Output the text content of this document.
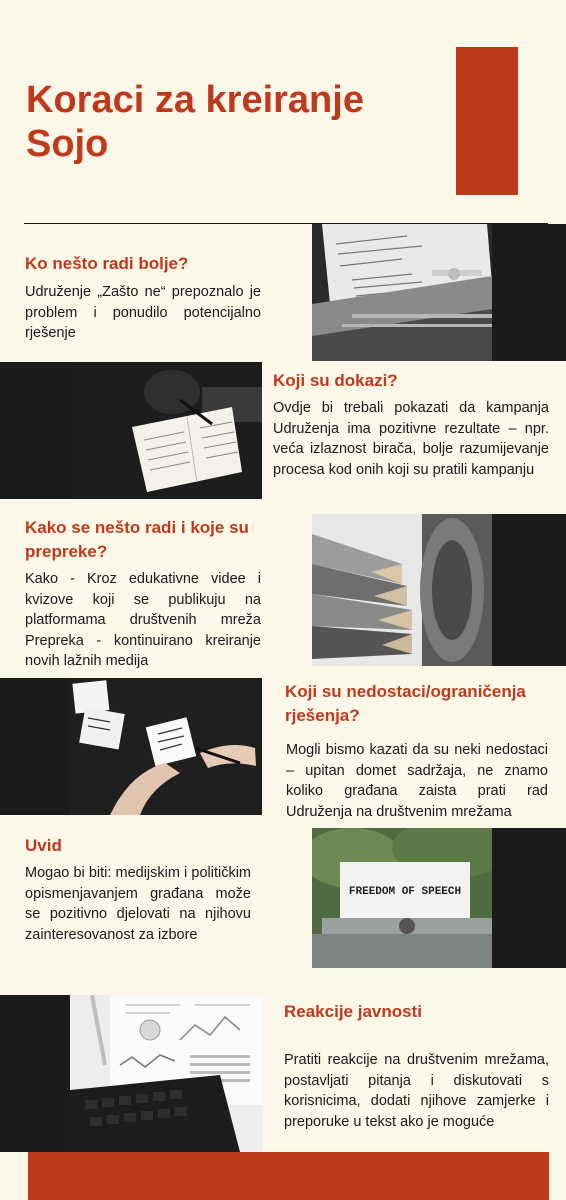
Koraci za kreiranje Sojo
Ko nešto radi bolje?

Udruženje „Zašto ne“ prepoznalo je problem i ponudilo potencijalno rješenje

Koji su dokazi?

Ovdje bi trebali pokazati da kampanja Udruženja ima pozitivne rezultate – npr. veća izlaznost birača, bolje razumijevanje procesa kod onih koji su pratili kampanju

Kako se nešto radi i koje su prepreke?

Kako - Kroz edukativne videe i kvizove koji se publikuju na platformama društvenih mreža Prepreka - kontinuirano kreiranje novih lažnih medija

Koji su nedostaci/ograničenja rješenja?

Mogli bismo kazati da su neki nedostaci – upitan domet sadržaja, ne znamo koliko građana zaista prati rad Udruženja na društvenim mrežama

FREEDOM OF SPEECH
Uvid

Mogao bi biti: medijskim i političkim opismenjavanjem građana može se pozitivno djelovati na njihovu zainteresovanost za izbore

Reakcije javnosti

Pratiti reakcije na društvenim mrežama, postavljati pitanja i diskutovati s korisnicima, dodati njihove zamjerke i preporuke u tekst ako je moguće
